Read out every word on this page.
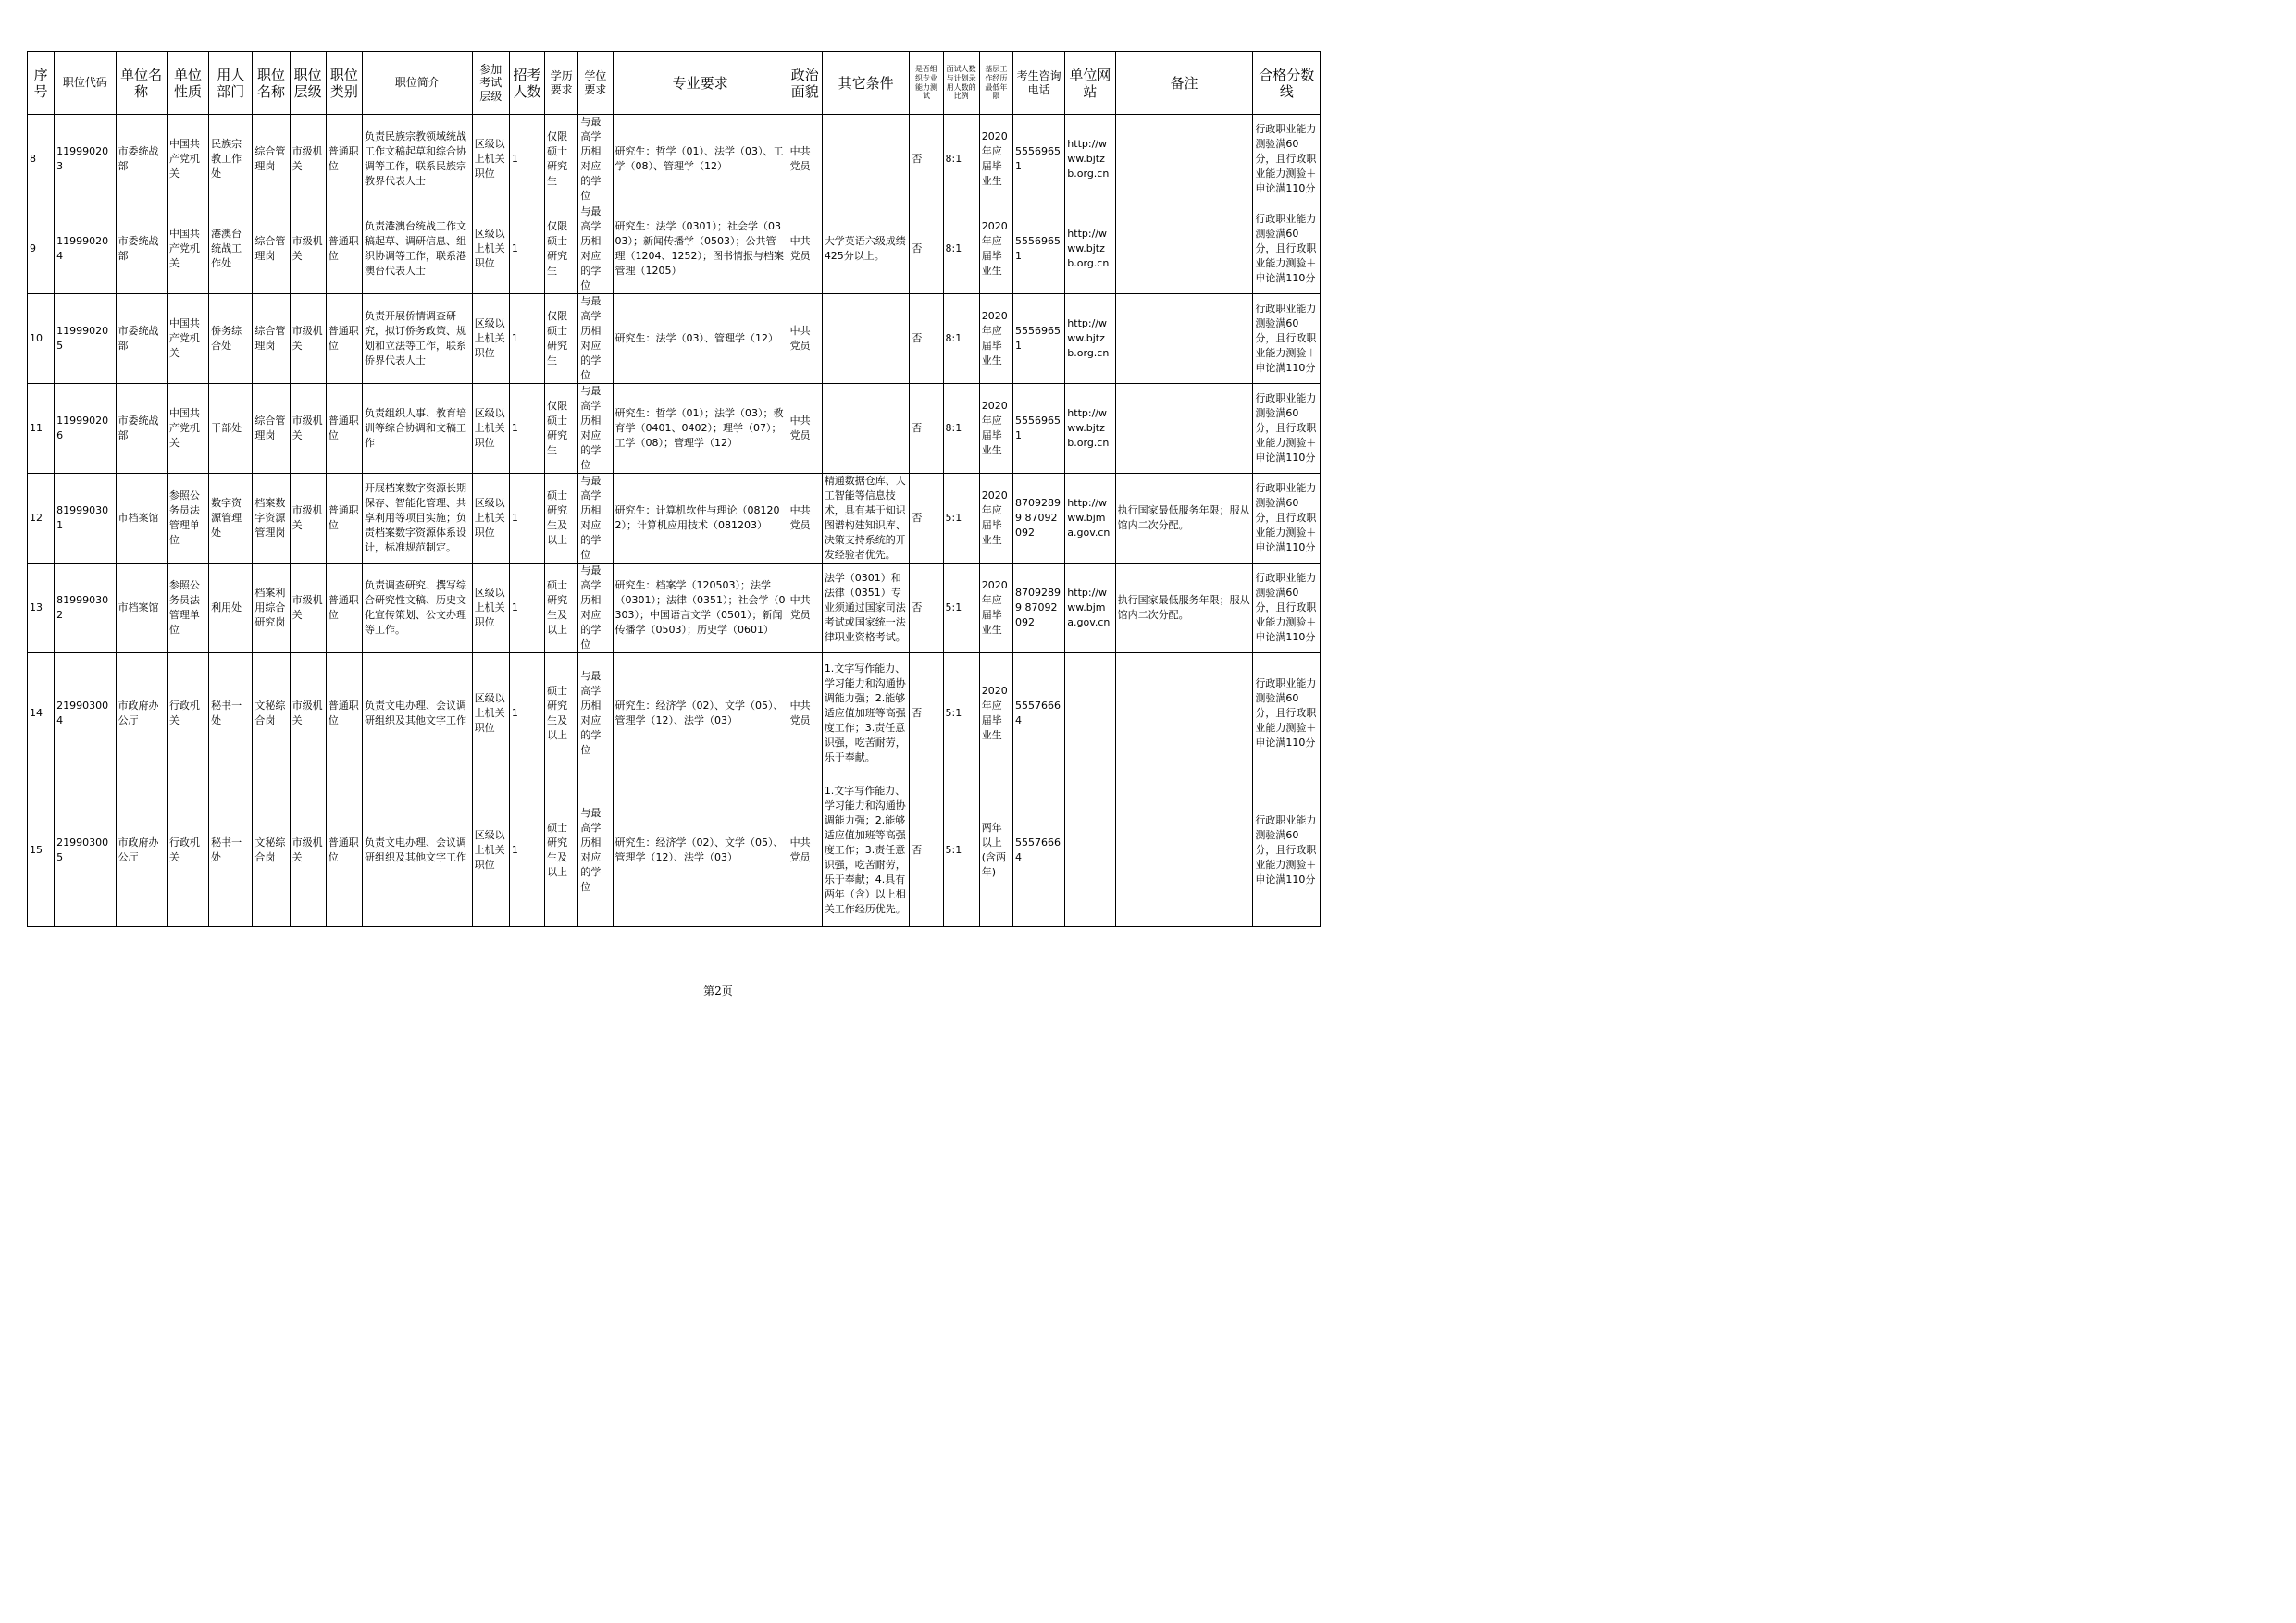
序号	职位代码	单位名称	单位性质	用人部门	职位名称	职位层级	职位类别	职位简介	参加考试层级	招考人数	学历要求	学位要求	专业要求	政治面貌	其它条件	是否组织专业能力测试	面试人数与计划录用人数的比例	基层工作经历最低年限	考生咨询电话	单位网站	备注	合格分数线
8	119990203	市委统战部	中国共产党机关	民族宗教工作处	综合管理岗	市级机关	普通职位	负责民族宗教领域统战工作文稿起草和综合协调等工作，联系民族宗教界代表人士	区级以上机关职位	1	仅限硕士研究生	与最高学历相对应的学位	研究生：哲学（01）、法学（03）、工学（08）、管理学（12）	中共党员		否	8:1	2020年应届毕业生	55569651	http://www.bjtzb.org.cn		行政职业能力测验满60分，且行政职业能力测验＋申论满110分
9	119990204	市委统战部	中国共产党机关	港澳台统战工作处	综合管理岗	市级机关	普通职位	负责港澳台统战工作文稿起草、调研信息、组织协调等工作，联系港澳台代表人士	区级以上机关职位	1	仅限硕士研究生	与最高学历相对应的学位	研究生：法学（0301）；社会学（0303）；新闻传播学（0503）；公共管理（1204、1252）；图书情报与档案管理（1205）	中共党员	大学英语六级成绩425分以上。	否	8:1	2020年应届毕业生	55569651	http://www.bjtzb.org.cn		行政职业能力测验满60分，且行政职业能力测验＋申论满110分
10	119990205	市委统战部	中国共产党机关	侨务综合处	综合管理岗	市级机关	普通职位	负责开展侨情调查研究，拟订侨务政策、规划和立法等工作，联系侨界代表人士	区级以上机关职位	1	仅限硕士研究生	与最高学历相对应的学位	研究生：法学（03）、管理学（12）	中共党员		否	8:1	2020年应届毕业生	55569651	http://www.bjtzb.org.cn		行政职业能力测验满60分，且行政职业能力测验＋申论满110分
11	119990206	市委统战部	中国共产党机关	干部处	综合管理岗	市级机关	普通职位	负责组织人事、教育培训等综合协调和文稿工作	区级以上机关职位	1	仅限硕士研究生	与最高学历相对应的学位	研究生：哲学（01）；法学（03）；教育学（0401、0402）；理学（07）；工学（08）；管理学（12）	中共党员		否	8:1	2020年应届毕业生	55569651	http://www.bjtzb.org.cn		行政职业能力测验满60分，且行政职业能力测验＋申论满110分
12	819990301	市档案馆	参照公务员法管理单位	数字资源管理处	档案数字资源管理岗	市级机关	普通职位	开展档案数字资源长期保存、智能化管理、共享利用等项目实施；负责档案数字资源体系设计，标准规范制定。	区级以上机关职位	1	硕士研究生及以上	与最高学历相对应的学位	研究生：计算机软件与理论（081202）；计算机应用技术（081203）	中共党员	精通数据仓库、人工智能等信息技术，具有基于知识图谱构建知识库、决策支持系统的开发经验者优先。	否	5:1	2020年应届毕业生	87092899 87092092	http://www.bjma.gov.cn	执行国家最低服务年限；服从馆内二次分配。	行政职业能力测验满60分，且行政职业能力测验＋申论满110分
13	819990302	市档案馆	参照公务员法管理单位	利用处	档案利用综合研究岗	市级机关	普通职位	负责调查研究、撰写综合研究性文稿、历史文化宣传策划、公文办理等工作。	区级以上机关职位	1	硕士研究生及以上	与最高学历相对应的学位	研究生：档案学（120503）；法学（0301）；法律（0351）；社会学（0303）；中国语言文学（0501）；新闻传播学（0503）；历史学（0601）	中共党员	法学（0301）和法律（0351）专业须通过国家司法考试或国家统一法律职业资格考试。	否	5:1	2020年应届毕业生	87092899 87092092	http://www.bjma.gov.cn	执行国家最低服务年限；服从馆内二次分配。	行政职业能力测验满60分，且行政职业能力测验＋申论满110分
14	219903004	市政府办公厅	行政机关	秘书一处	文秘综合岗	市级机关	普通职位	负责文电办理、会议调研组织及其他文字工作	区级以上机关职位	1	硕士研究生及以上	与最高学历相对应的学位	研究生：经济学（02）、文学（05）、管理学（12）、法学（03）	中共党员	1.文字写作能力、学习能力和沟通协调能力强；2.能够适应值加班等高强度工作；3.责任意识强，吃苦耐劳，乐于奉献。	否	5:1	2020年应届毕业生	55576664			行政职业能力测验满60分，且行政职业能力测验＋申论满110分
15	219903005	市政府办公厅	行政机关	秘书一处	文秘综合岗	市级机关	普通职位	负责文电办理、会议调研组织及其他文字工作	区级以上机关职位	1	硕士研究生及以上	与最高学历相对应的学位	研究生：经济学（02）、文学（05）、管理学（12）、法学（03）	中共党员	1.文字写作能力、学习能力和沟通协调能力强；2.能够适应值加班等高强度工作；3.责任意识强，吃苦耐劳，乐于奉献；4.具有两年（含）以上相关工作经历优先。	否	5:1	两年以上(含两年)	55576664			行政职业能力测验满60分，且行政职业能力测验＋申论满110分
第2页
